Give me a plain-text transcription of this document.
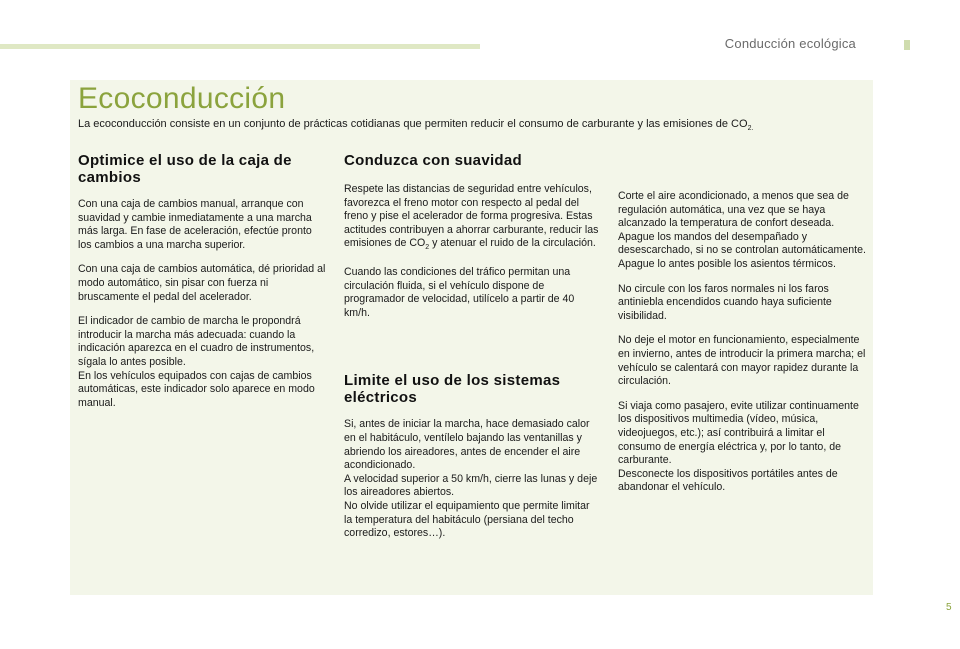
Conducción ecológica
Ecoconducción
La ecoconducción consiste en un conjunto de prácticas cotidianas que permiten reducir el consumo de carburante y las emisiones de $CO_{2.}$
Optimice el uso de la caja de
cambios

Con una caja de cambios manual, arranque con suavidad y cambie inmediatamente a una marcha más larga. En fase de aceleración, efectúe pronto los cambios a una marcha superior.

Con una caja de cambios automática, dé prioridad al modo automático, sin pisar con fuerza ni bruscamente el pedal del acelerador.

El indicador de cambio de marcha le propondrá introducir la marcha más adecuada: cuando la indicación aparezca en el cuadro de instrumentos, sígala lo antes posible.
En los vehículos equipados con cajas de cambios automáticas, este indicador solo aparece en modo manual.

Conduzca con suavidad

Respete las distancias de seguridad entre vehículos, favorezca el freno motor con respecto al pedal del freno y pise el acelerador de forma progresiva. Estas actitudes contribuyen a ahorrar carburante, reducir las emisiones de $CO_2$ y atenuar el ruido de la circulación.

Cuando las condiciones del tráfico permitan una circulación fluida, si el vehículo dispone de programador de velocidad, utilícelo a partir de 40 km/h.

Limite el uso de los sistemas
eléctricos

Si, antes de iniciar la marcha, hace demasiado calor en el habitáculo, ventílelo bajando las ventanillas y abriendo los aireadores, antes de encender el aire acondicionado.
A velocidad superior a 50 km/h, cierre las lunas y deje los aireadores abiertos.
No olvide utilizar el equipamiento que permite limitar la temperatura del habitáculo (persiana del techo corredizo, estores…).

Corte el aire acondicionado, a menos que sea de regulación automática, una vez que se haya alcanzado la temperatura de confort deseada.
Apague los mandos del desempañado y desescarchado, si no se controlan automáticamente.
Apague lo antes posible los asientos térmicos.

No circule con los faros normales ni los faros antiniebla encendidos cuando haya suficiente visibilidad.

No deje el motor en funcionamiento, especialmente en invierno, antes de introducir la primera marcha; el vehículo se calentará con mayor rapidez durante la circulación.

Si viaja como pasajero, evite utilizar continuamente los dispositivos multimedia (vídeo, música, videojuegos, etc.); así contribuirá a limitar el consumo de energía eléctrica y, por lo tanto, de carburante.
Desconecte los dispositivos portátiles antes de abandonar el vehículo.

5
